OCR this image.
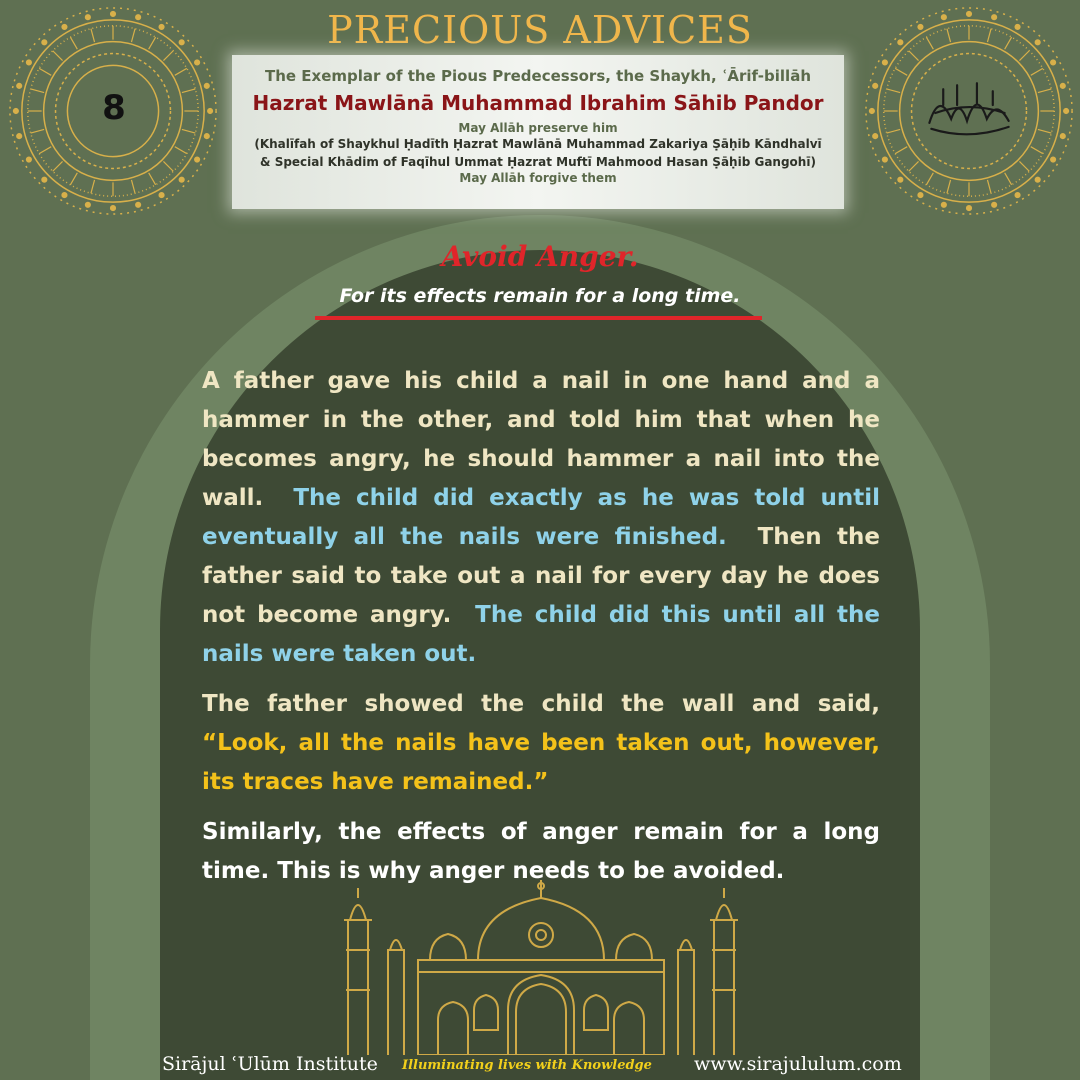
8
PRECIOUS ADVICES
The Exemplar of the Pious Predecessors, the Shaykh, ʿĀrif-billāh
Hazrat Mawlānā Muhammad Ibrahim Sāhib Pandor
May Allāh preserve him
(Khalīfah of Shaykhul Ḥadīth Ḥazrat Mawlānā Muhammad Zakariya Ṣāḥib Kāndhalvī
& Special Khādim of Faqīhul Ummat Ḥazrat Muftī Mahmood Hasan Ṣāḥib Gangohī)
May Allāh forgive them
Avoid Anger.
For its effects remain for a long time.

A father gave his child a nail in one hand and a hammer in the other, and told him that when he becomes angry, he should hammer a nail into the wall. The child did exactly as he was told until eventually all the nails were finished. Then the father said to take out a nail for every day he does not become angry. The child did this until all the nails were taken out.

The father showed the child the wall and said, “Look, all the nails have been taken out, however, its traces have remained.”

Similarly, the effects of anger remain for a long time. This is why anger needs to be avoided.

Sirājul ʿUlūm Institute Illuminating lives with Knowledge www.sirajululum.com
